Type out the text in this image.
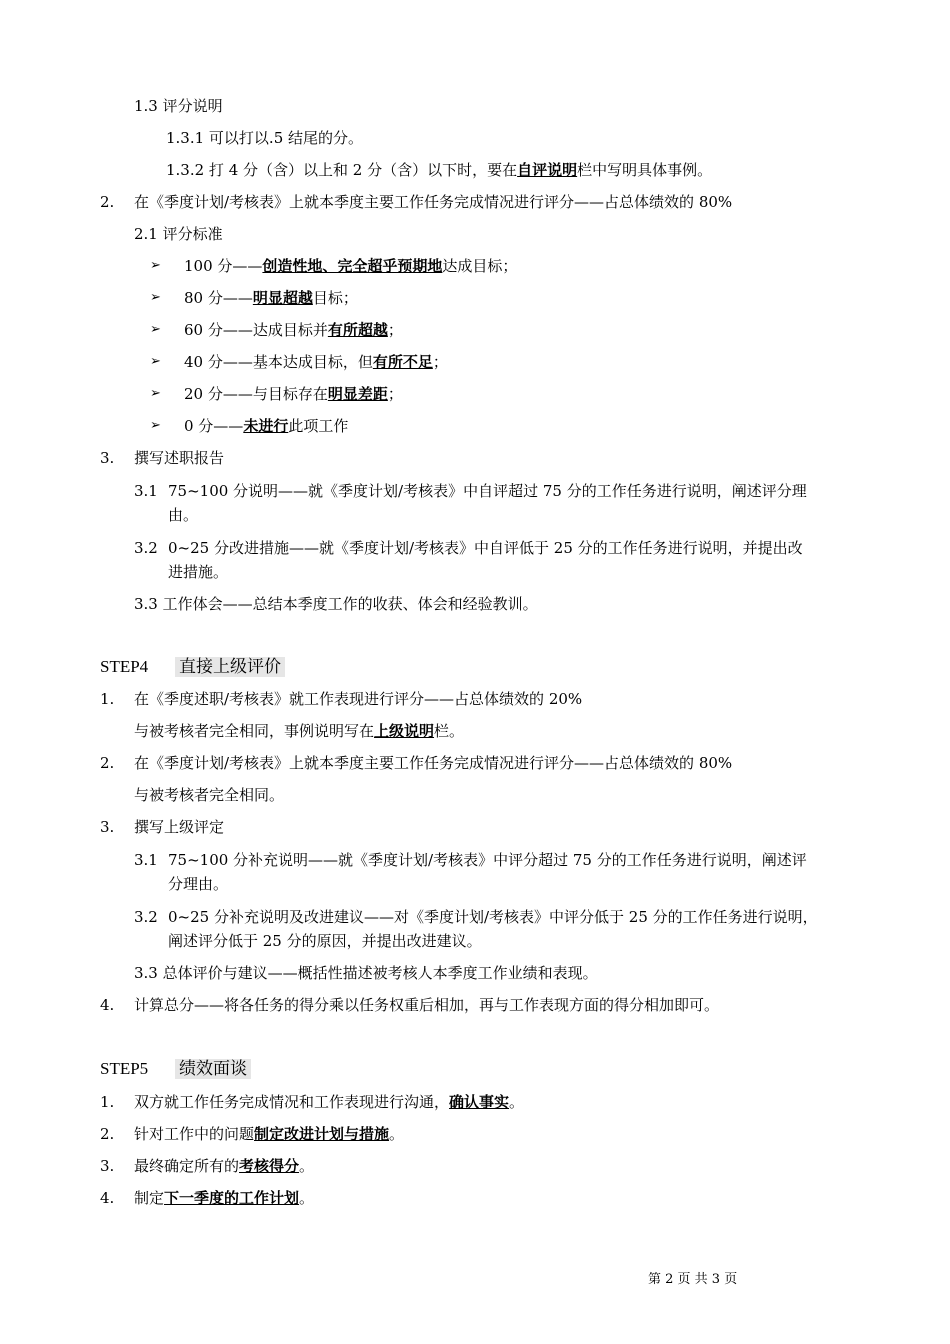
1.3 评分说明
1.3.1 可以打以.5 结尾的分。
1.3.2 打 4 分（含）以上和 2 分（含）以下时，要在自评说明栏中写明具体事例。
2. 在《季度计划/考核表》上就本季度主要工作任务完成情况进行评分——占总体绩效的 80%
2.1 评分标准
➢ 100 分——创造性地、完全超乎预期地达成目标；
➢ 80 分——明显超越目标；
➢ 60 分——达成目标并有所超越；
➢ 40 分——基本达成目标，但有所不足；
➢ 20 分——与目标存在明显差距；
➢ 0 分——未进行此项工作
3. 撰写述职报告
3.1 75~100 分说明——就《季度计划/考核表》中自评超过 75 分的工作任务进行说明，阐述评分理
由。
3.2 0~25 分改进措施——就《季度计划/考核表》中自评低于 25 分的工作任务进行说明，并提出改
进措施。
3.3 工作体会——总结本季度工作的收获、体会和经验教训。
STEP4 直接上级评价
1. 在《季度述职/考核表》就工作表现进行评分——占总体绩效的 20%
与被考核者完全相同，事例说明写在上级说明栏。
2. 在《季度计划/考核表》上就本季度主要工作任务完成情况进行评分——占总体绩效的 80%
与被考核者完全相同。
3. 撰写上级评定
3.1 75~100 分补充说明——就《季度计划/考核表》中评分超过 75 分的工作任务进行说明，阐述评
分理由。
3.2 0~25 分补充说明及改进建议——对《季度计划/考核表》中评分低于 25 分的工作任务进行说明，
阐述评分低于 25 分的原因，并提出改进建议。
3.3 总体评价与建议——概括性描述被考核人本季度工作业绩和表现。
4. 计算总分——将各任务的得分乘以任务权重后相加，再与工作表现方面的得分相加即可。
STEP5 绩效面谈
1. 双方就工作任务完成情况和工作表现进行沟通，确认事实。
2. 针对工作中的问题制定改进计划与措施。
3. 最终确定所有的考核得分。
4. 制定下一季度的工作计划。
第 2 页 共 3 页
